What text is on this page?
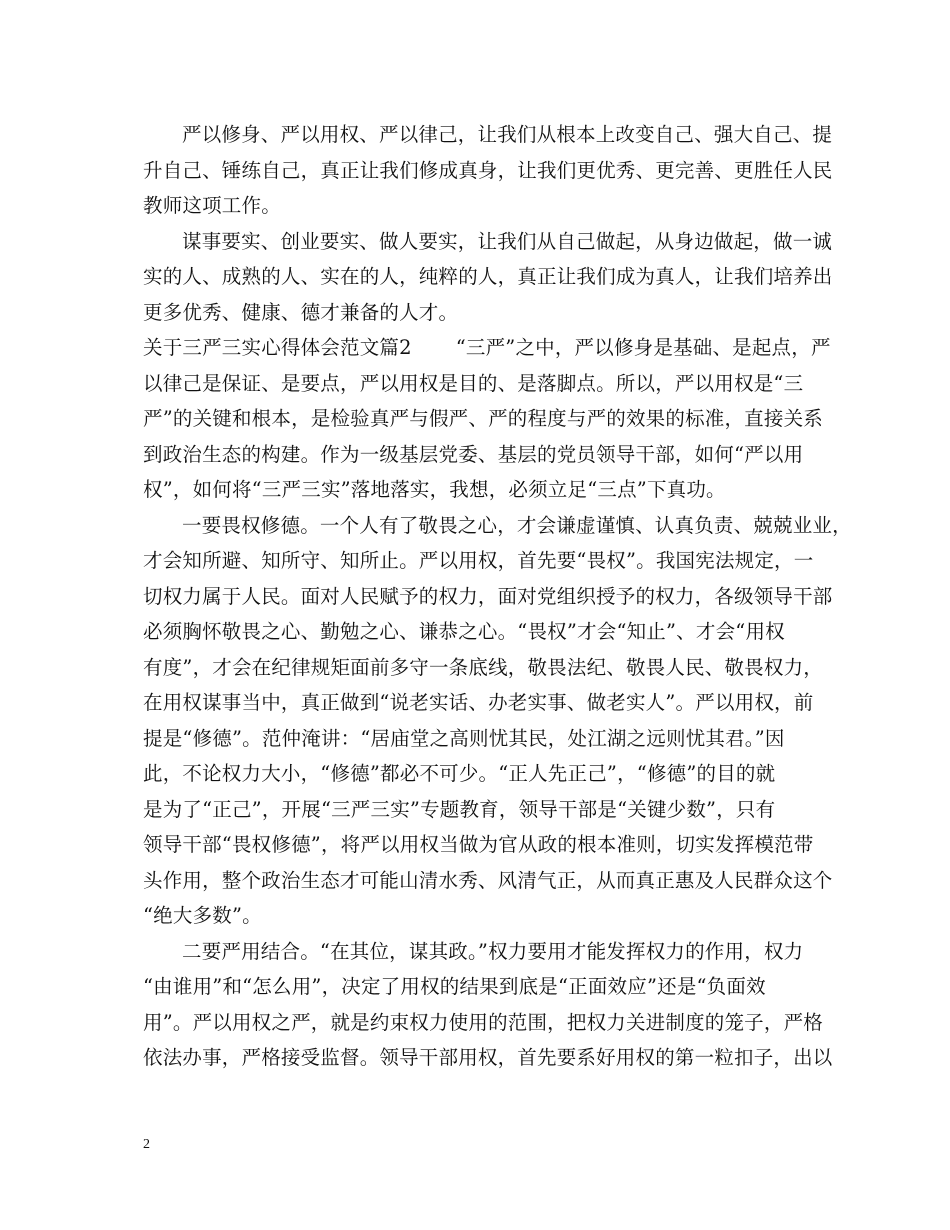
严以修身、严以用权、严以律己，让我们从根本上改变自己、强大自己、提
升自己、锤练自己，真正让我们修成真身，让我们更优秀、更完善、更胜任人民
教师这项工作。
谋事要实、创业要实、做人要实，让我们从自己做起，从身边做起，做一诚
实的人、成熟的人、实在的人，纯粹的人，真正让我们成为真人，让我们培养出
更多优秀、健康、德才兼备的人才。
关于三严三实心得体会范文篇2 “三严”之中，严以修身是基础、是起点，严
以律己是保证、是要点，严以用权是目的、是落脚点。所以，严以用权是“三
严”的关键和根本，是检验真严与假严、严的程度与严的效果的标准，直接关系
到政治生态的构建。作为一级基层党委、基层的党员领导干部，如何“严以用
权”，如何将“三严三实”落地落实，我想，必须立足“三点”下真功。
一要畏权修德。一个人有了敬畏之心，才会谦虚谨慎、认真负责、兢兢业业，
才会知所避、知所守、知所止。严以用权，首先要“畏权”。我国宪法规定，一
切权力属于人民。面对人民赋予的权力，面对党组织授予的权力，各级领导干部
必须胸怀敬畏之心、勤勉之心、谦恭之心。“畏权”才会“知止”、才会“用权
有度”，才会在纪律规矩面前多守一条底线，敬畏法纪、敬畏人民、敬畏权力，
在用权谋事当中，真正做到“说老实话、办老实事、做老实人”。严以用权，前
提是“修德”。范仲淹讲：“居庙堂之高则忧其民，处江湖之远则忧其君。”因
此，不论权力大小，“修德”都必不可少。“正人先正己”，“修德”的目的就
是为了“正己”，开展“三严三实”专题教育，领导干部是“关键少数”，只有
领导干部“畏权修德”，将严以用权当做为官从政的根本准则，切实发挥模范带
头作用，整个政治生态才可能山清水秀、风清气正，从而真正惠及人民群众这个
“绝大多数”。
二要严用结合。“在其位，谋其政。”权力要用才能发挥权力的作用，权力
“由谁用”和“怎么用”，决定了用权的结果到底是“正面效应”还是“负面效
用”。严以用权之严，就是约束权力使用的范围，把权力关进制度的笼子，严格
依法办事，严格接受监督。领导干部用权，首先要系好用权的第一粒扣子，出以
2
